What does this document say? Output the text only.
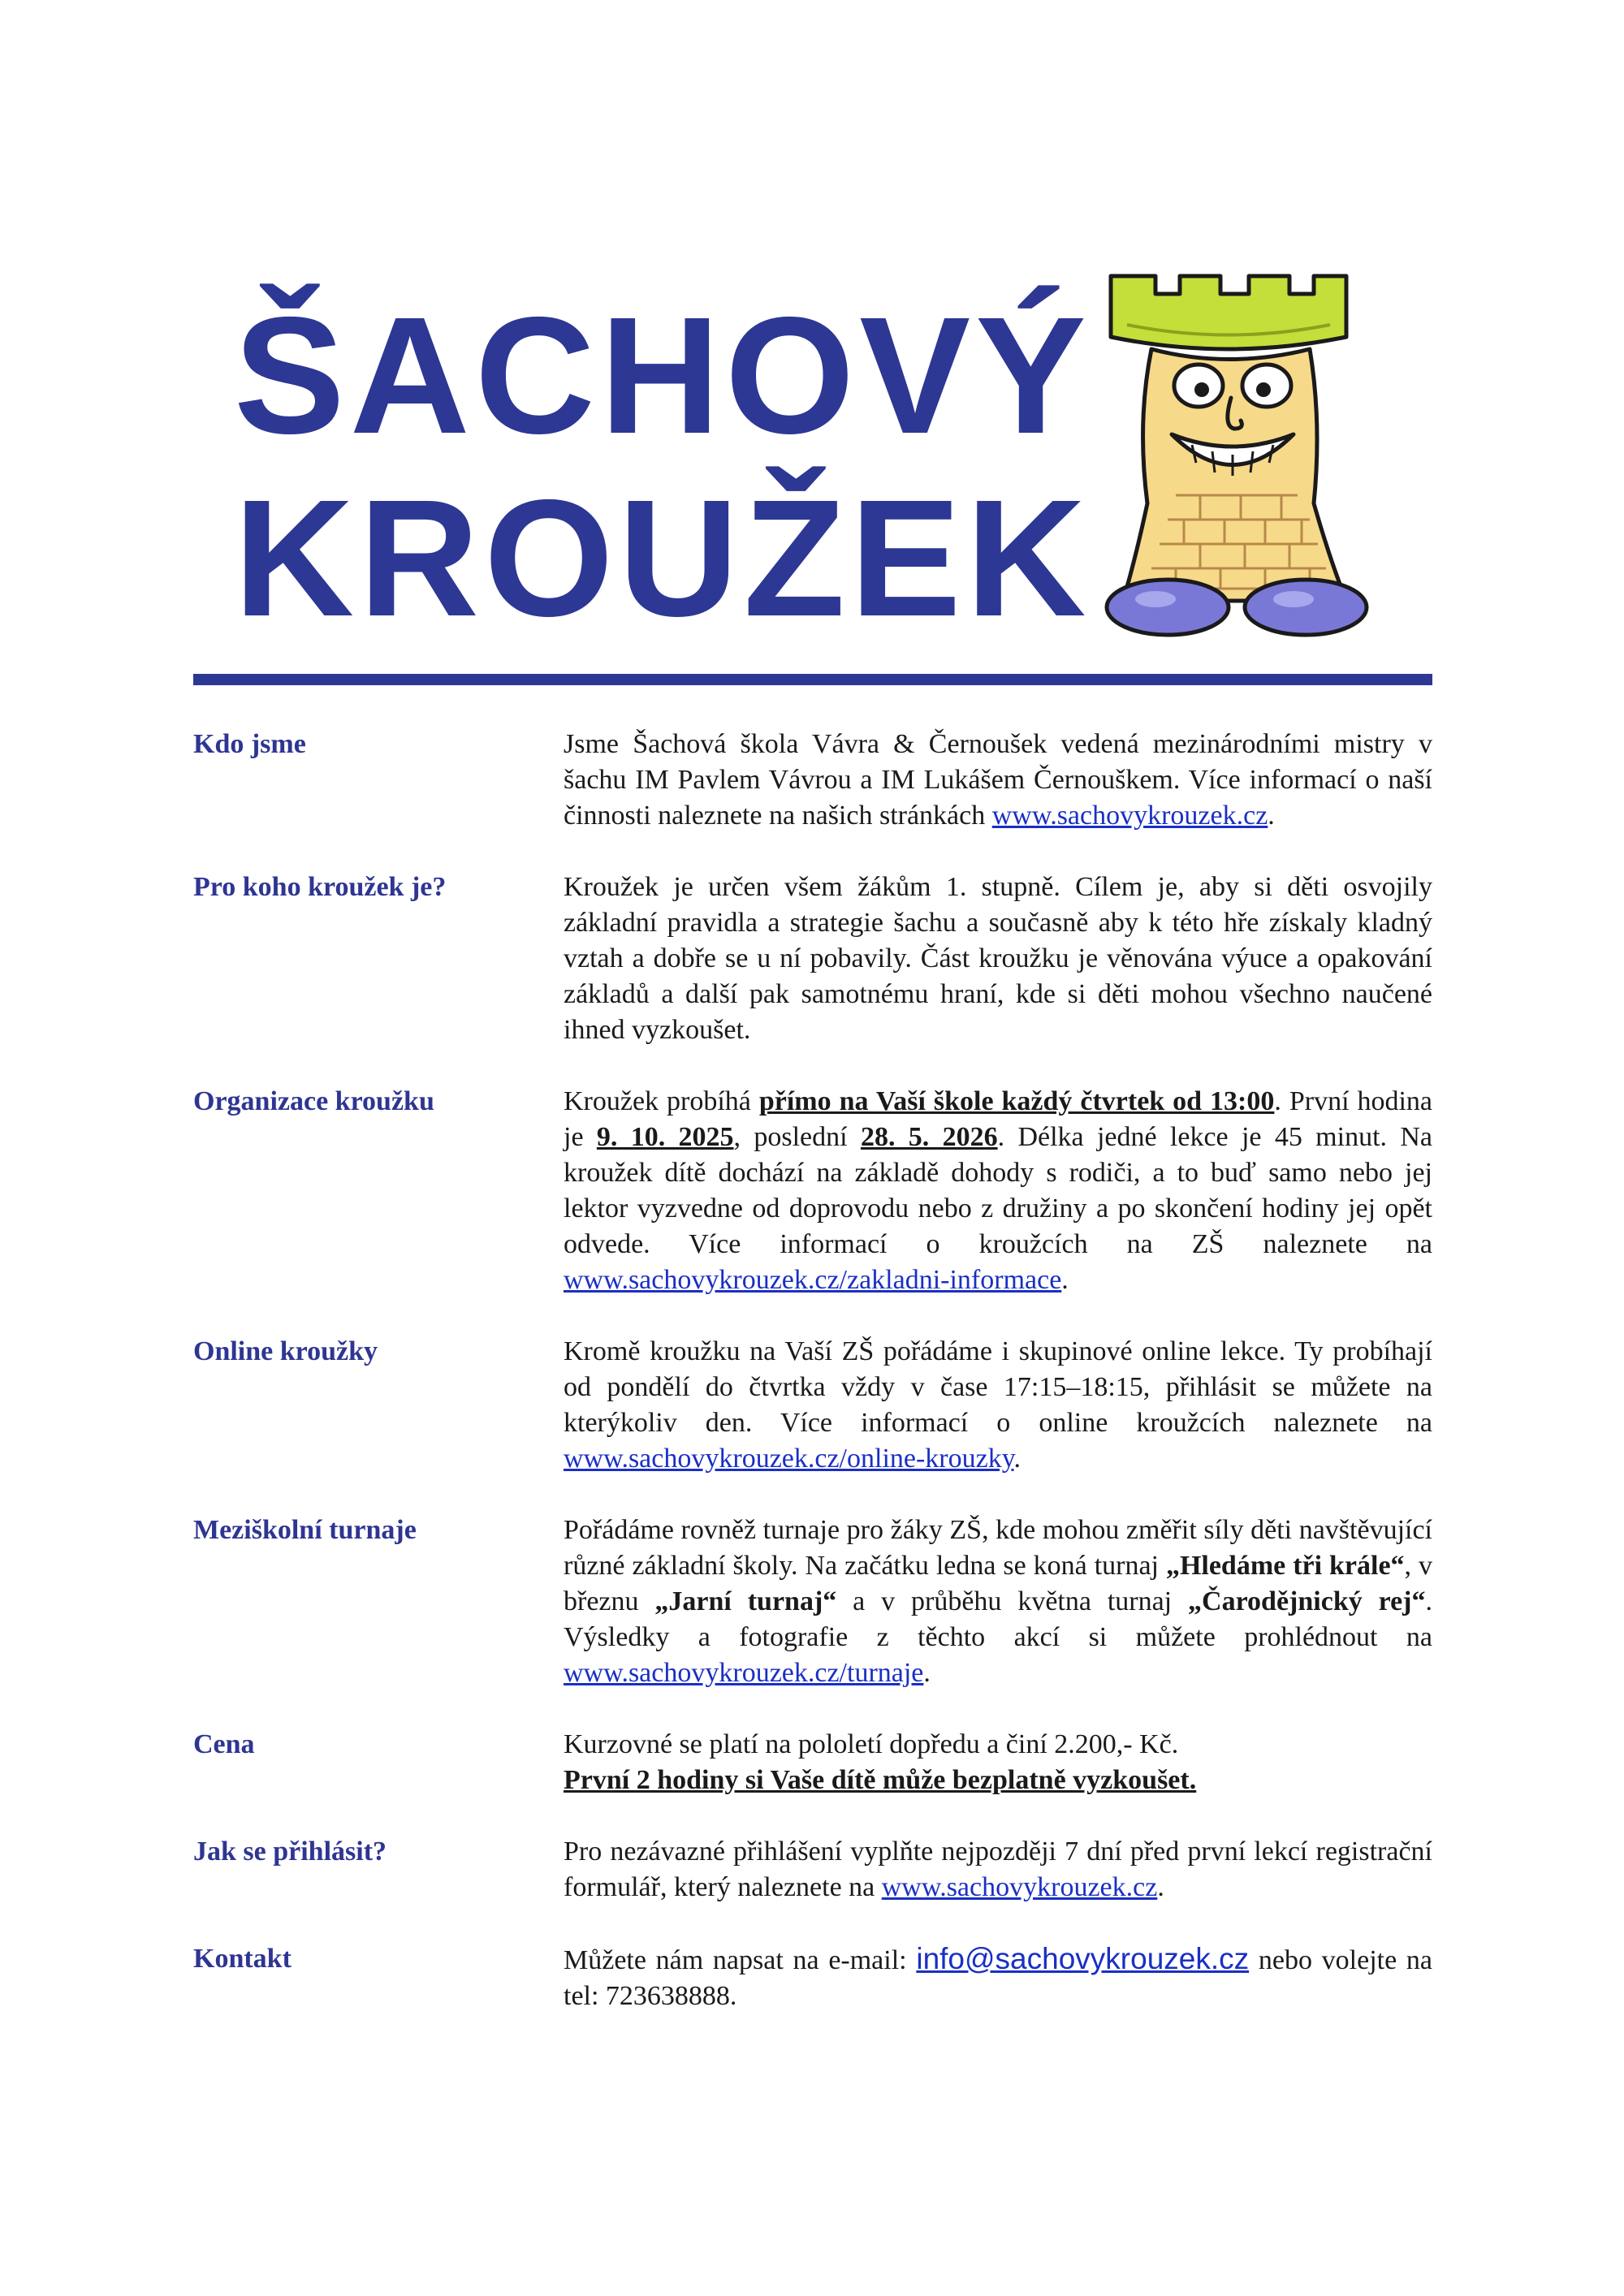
ŠACHOVÝ
KROUŽEK
Kdo jsme	Jsme Šachová škola Vávra & Černoušek vedená mezinárodními mistry v šachu IM Pavlem Vávrou a IM Lukášem Černouškem. Více informací o naší činnosti naleznete na našich stránkách www.sachovykrouzek.cz.

Pro koho kroužek je?	Kroužek je určen všem žákům 1. stupně. Cílem je, aby si děti osvojily základní pravidla a strategie šachu a současně aby k této hře získaly kladný vztah a dobře se u ní pobavily. Část kroužku je věnována výuce a opakování základů a další pak samotnému hraní, kde si děti mohou všechno naučené ihned vyzkoušet.

Organizace kroužku	Kroužek probíhá přímo na Vaší škole každý čtvrtek od 13:00. První hodina je 9. 10. 2025, poslední 28. 5. 2026. Délka jedné lekce je 45 minut. Na kroužek dítě dochází na základě dohody s rodiči, a to buď samo nebo jej lektor vyzvedne od doprovodu nebo z družiny a po skončení hodiny jej opět odvede. Více informací o kroužcích na ZŠ naleznete na www.sachovykrouzek.cz/zakladni-informace.

Online kroužky	Kromě kroužku na Vaší ZŠ pořádáme i skupinové online lekce. Ty probíhají od pondělí do čtvrtka vždy v čase 17:15–18:15, přihlásit se můžete na kterýkoliv den. Více informací o online kroužcích naleznete na www.sachovykrouzek.cz/online-krouzky.

Meziškolní turnaje	Pořádáme rovněž turnaje pro žáky ZŠ, kde mohou změřit síly děti navštěvující různé základní školy. Na začátku ledna se koná turnaj „Hledáme tři krále“, v březnu „Jarní turnaj“ a v průběhu května turnaj „Čarodějnický rej“. Výsledky a fotografie z těchto akcí si můžete prohlédnout na www.sachovykrouzek.cz/turnaje.

Cena	Kurzovné se platí na pololetí dopředu a činí 2.200,- Kč.

První 2 hodiny si Vaše dítě může bezplatně vyzkoušet.

Jak se přihlásit?	Pro nezávazné přihlášení vyplňte nejpozději 7 dní před první lekcí registrační formulář, který naleznete na www.sachovykrouzek.cz.

Kontakt	Můžete nám napsat na e-mail: info@sachovykrouzek.cz nebo volejte na tel: 723638888.
